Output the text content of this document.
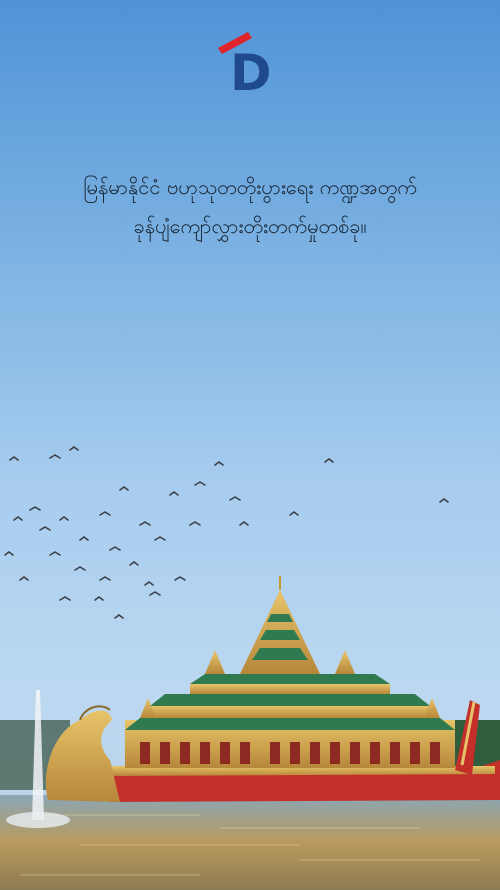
D
မြန်မာနိုင်ငံ ဗဟုသုတတိုးပွားရေး ကဏ္ဍအတွက်
ခုန်ပျံကျော်လွှားတိုးတက်မှုတစ်ခု။
